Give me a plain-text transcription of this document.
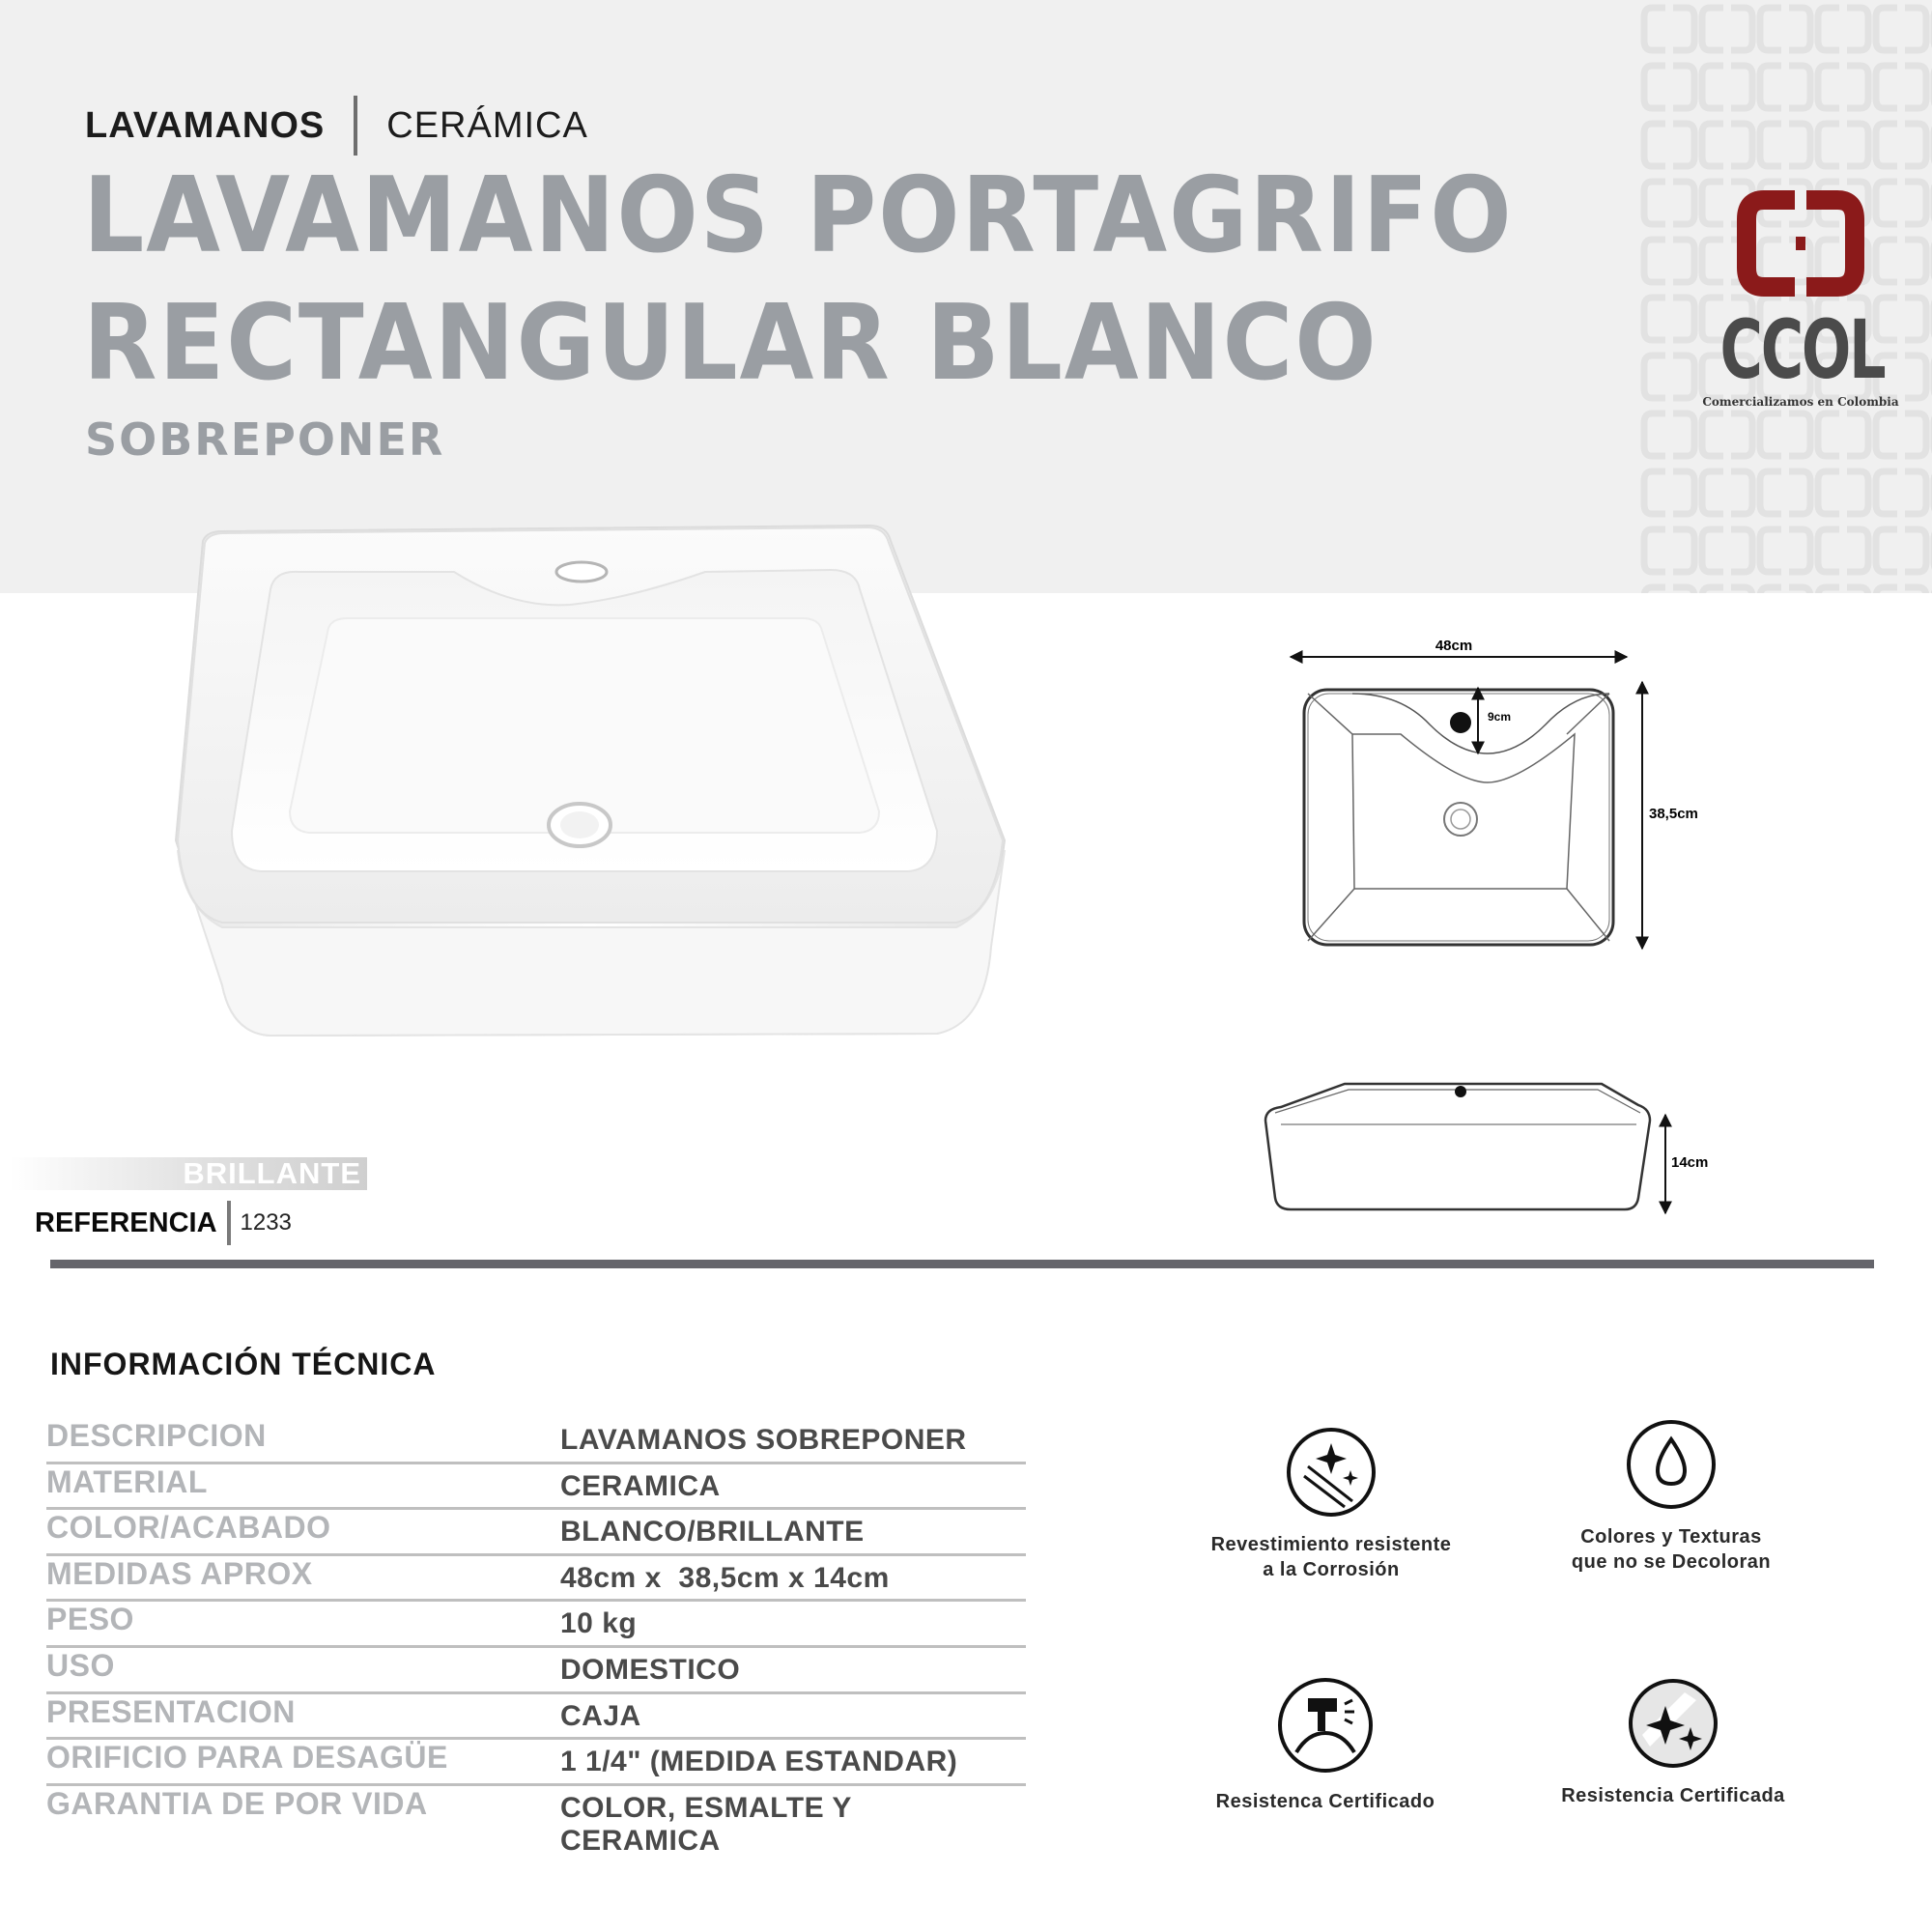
LAVAMANOS CERÁMICA
LAVAMANOS PORTAGRIFO
RECTANGULAR BLANCO
SOBREPONER
CCOL
Comercializamos en Colombia
48cm
9cm
38,5cm
14cm
BRILLANTE
REFERENCIA 1233
INFORMACIÓN TÉCNICA
DESCRIPCION	LAVAMANOS SOBREPONER
MATERIAL	CERAMICA
COLOR/ACABADO	BLANCO/BRILLANTE
MEDIDAS APROX	48cm x  38,5cm x 14cm
PESO	10 kg
USO	DOMESTICO
PRESENTACION	CAJA
ORIFICIO PARA DESAGÜE	1 1/4" (MEDIDA ESTANDAR)
GARANTIA DE POR VIDA	COLOR, ESMALTE Y CERAMICA
Revestimiento resistente
a la Corrosión
Colores y Texturas
que no se Decoloran
Resistenca Certificado	Resistencia Certificada
